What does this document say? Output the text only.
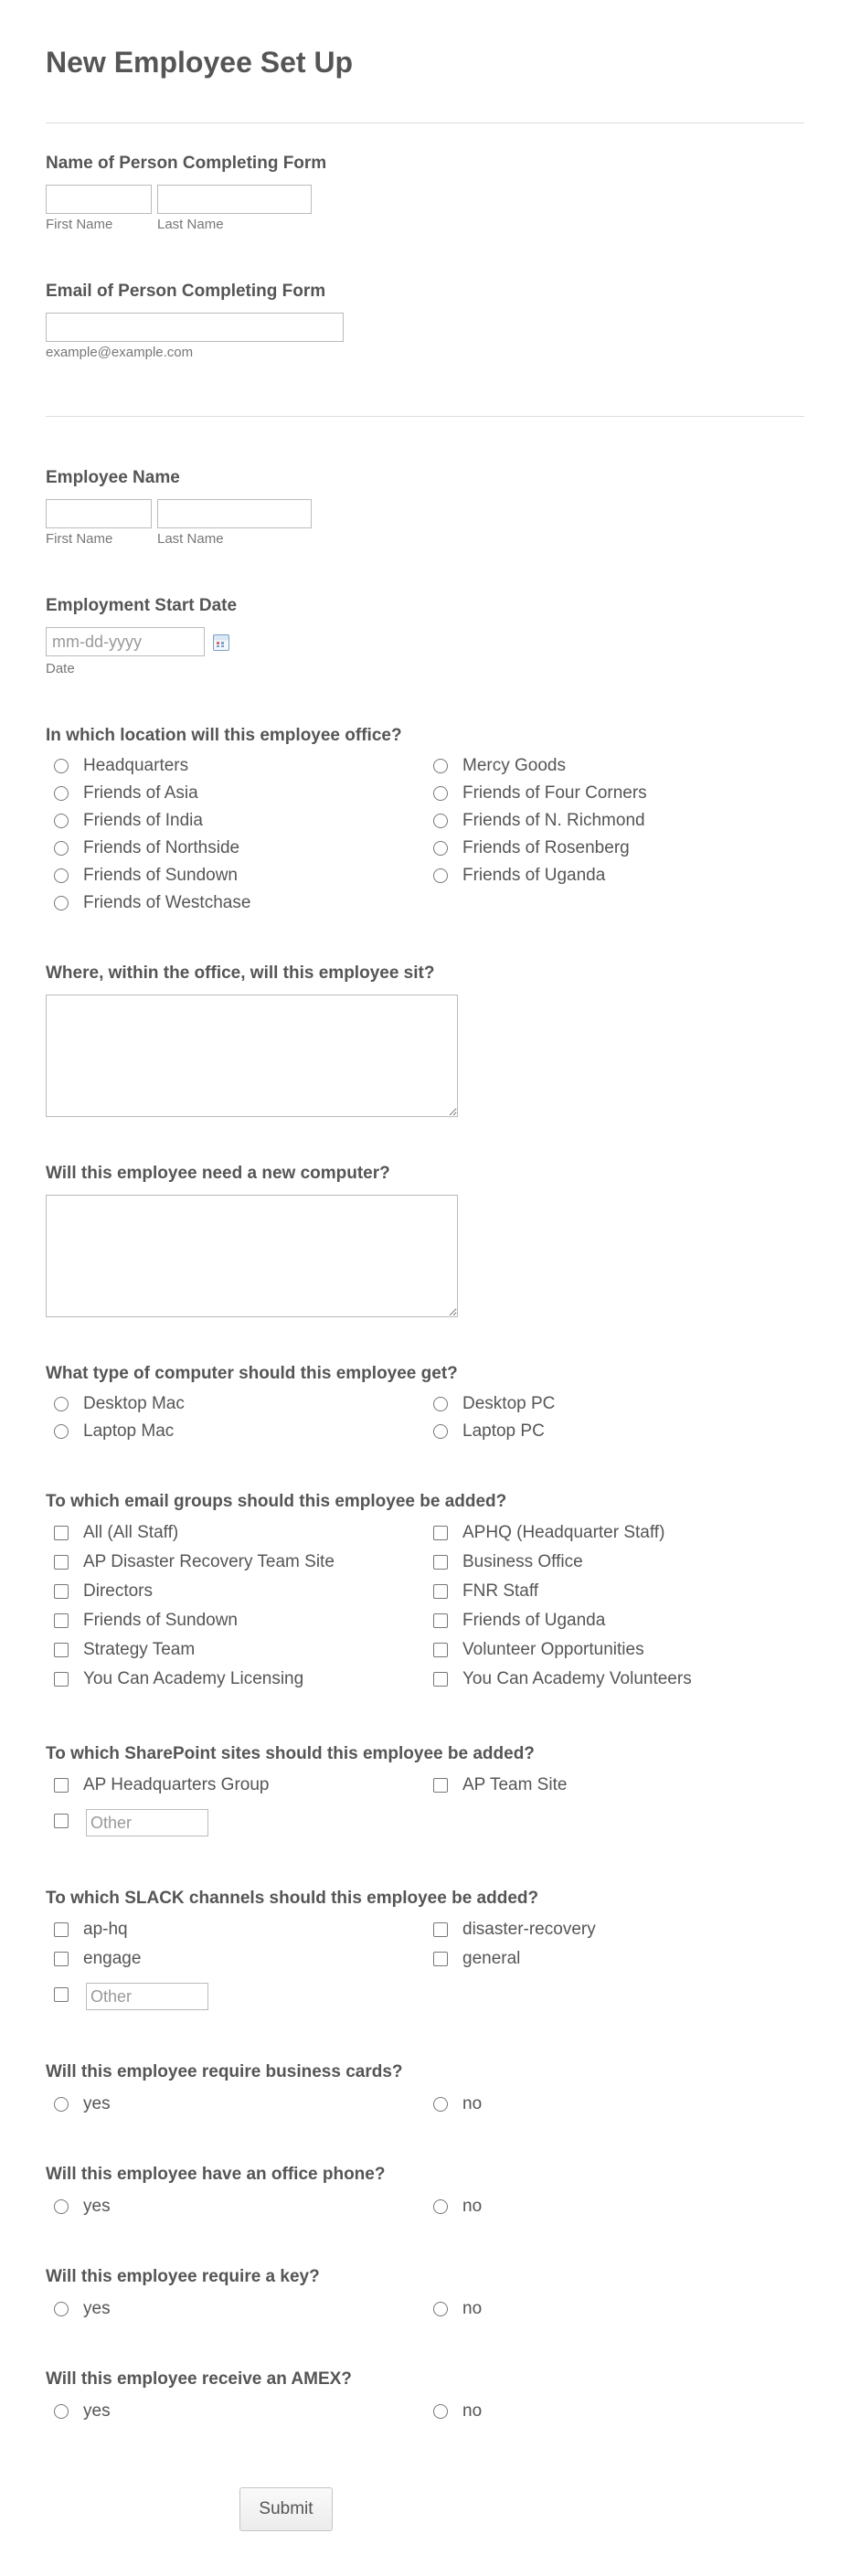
New Employee Set Up
Name of Person Completing Form
First Name	Last Name
Email of Person Completing Form
example@example.com
Employee Name
First Name	Last Name
Employment Start Date
mm-dd-yyyy
Date
In which location will this employee office?
Headquarters	Mercy Goods
Friends of Asia	Friends of Four Corners
Friends of India	Friends of N. Richmond
Friends of Northside	Friends of Rosenberg
Friends of Sundown	Friends of Uganda
Friends of Westchase
Where, within the office, will this employee sit?
Will this employee need a new computer?
What type of computer should this employee get?
Desktop Mac	Desktop PC
Laptop Mac	Laptop PC
To which email groups should this employee be added?
All (All Staff)	APHQ (Headquarter Staff)
AP Disaster Recovery Team Site	Business Office
Directors	FNR Staff
Friends of Sundown	Friends of Uganda
Strategy Team	Volunteer Opportunities
You Can Academy Licensing	You Can Academy Volunteers
To which SharePoint sites should this employee be added?
AP Headquarters Group	AP Team Site
Other
To which SLACK channels should this employee be added?
ap-hq	disaster-recovery
engage	general
Other
Will this employee require business cards?
yes	no
Will this employee have an office phone?
yes	no
Will this employee require a key?
yes	no
Will this employee receive an AMEX?
yes	no
Submit
